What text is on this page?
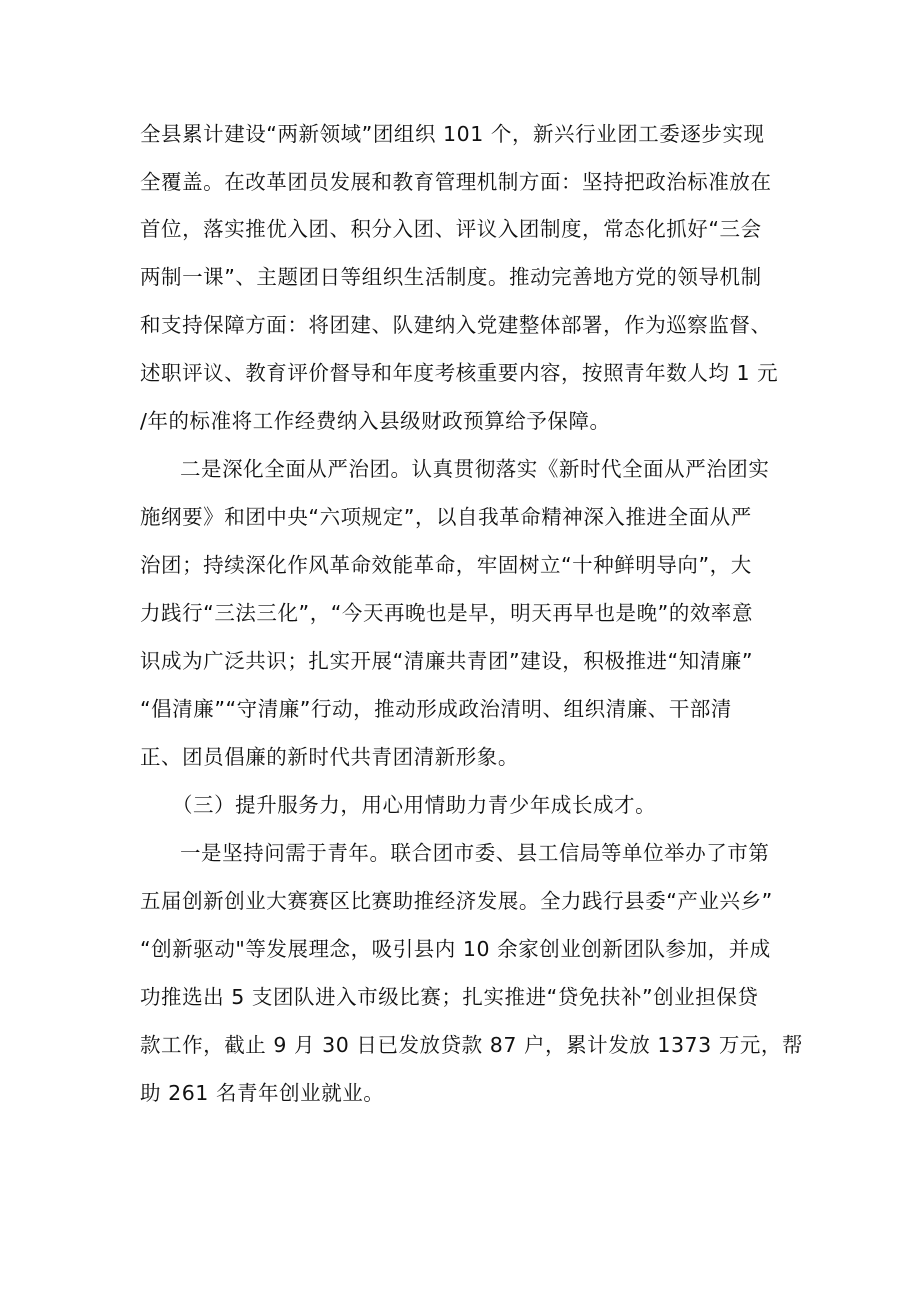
全县累计建设“两新领域”团组织 101 个，新兴行业团工委逐步实现
全覆盖。在改革团员发展和教育管理机制方面：坚持把政治标准放在
首位，落实推优入团、积分入团、评议入团制度，常态化抓好“三会
两制一课”、主题团日等组织生活制度。推动完善地方党的领导机制
和支持保障方面：将团建、队建纳入党建整体部署，作为巡察监督、
述职评议、教育评价督导和年度考核重要内容，按照青年数人均 1 元
/年的标准将工作经费纳入县级财政预算给予保障。
二是深化全面从严治团。认真贯彻落实《新时代全面从严治团实
施纲要》和团中央“六项规定”，以自我革命精神深入推进全面从严
治团；持续深化作风革命效能革命，牢固树立“十种鲜明导向”，大
力践行“三法三化”，“今天再晚也是早，明天再早也是晚”的效率意
识成为广泛共识；扎实开展“清廉共青团”建设，积极推进“知清廉”
“倡清廉”“守清廉”行动，推动形成政治清明、组织清廉、干部清
正、团员倡廉的新时代共青团清新形象。
（三）提升服务力，用心用情助力青少年成长成才。
一是坚持问需于青年。联合团市委、县工信局等单位举办了市第
五届创新创业大赛赛区比赛助推经济发展。全力践行县委“产业兴乡”
“创新驱动"等发展理念，吸引县内 10 余家创业创新团队参加，并成
功推选出 5 支团队进入市级比赛；扎实推进“贷免扶补”创业担保贷
款工作，截止 9 月 30 日已发放贷款 87 户，累计发放 1373 万元，帮
助 261 名青年创业就业。
